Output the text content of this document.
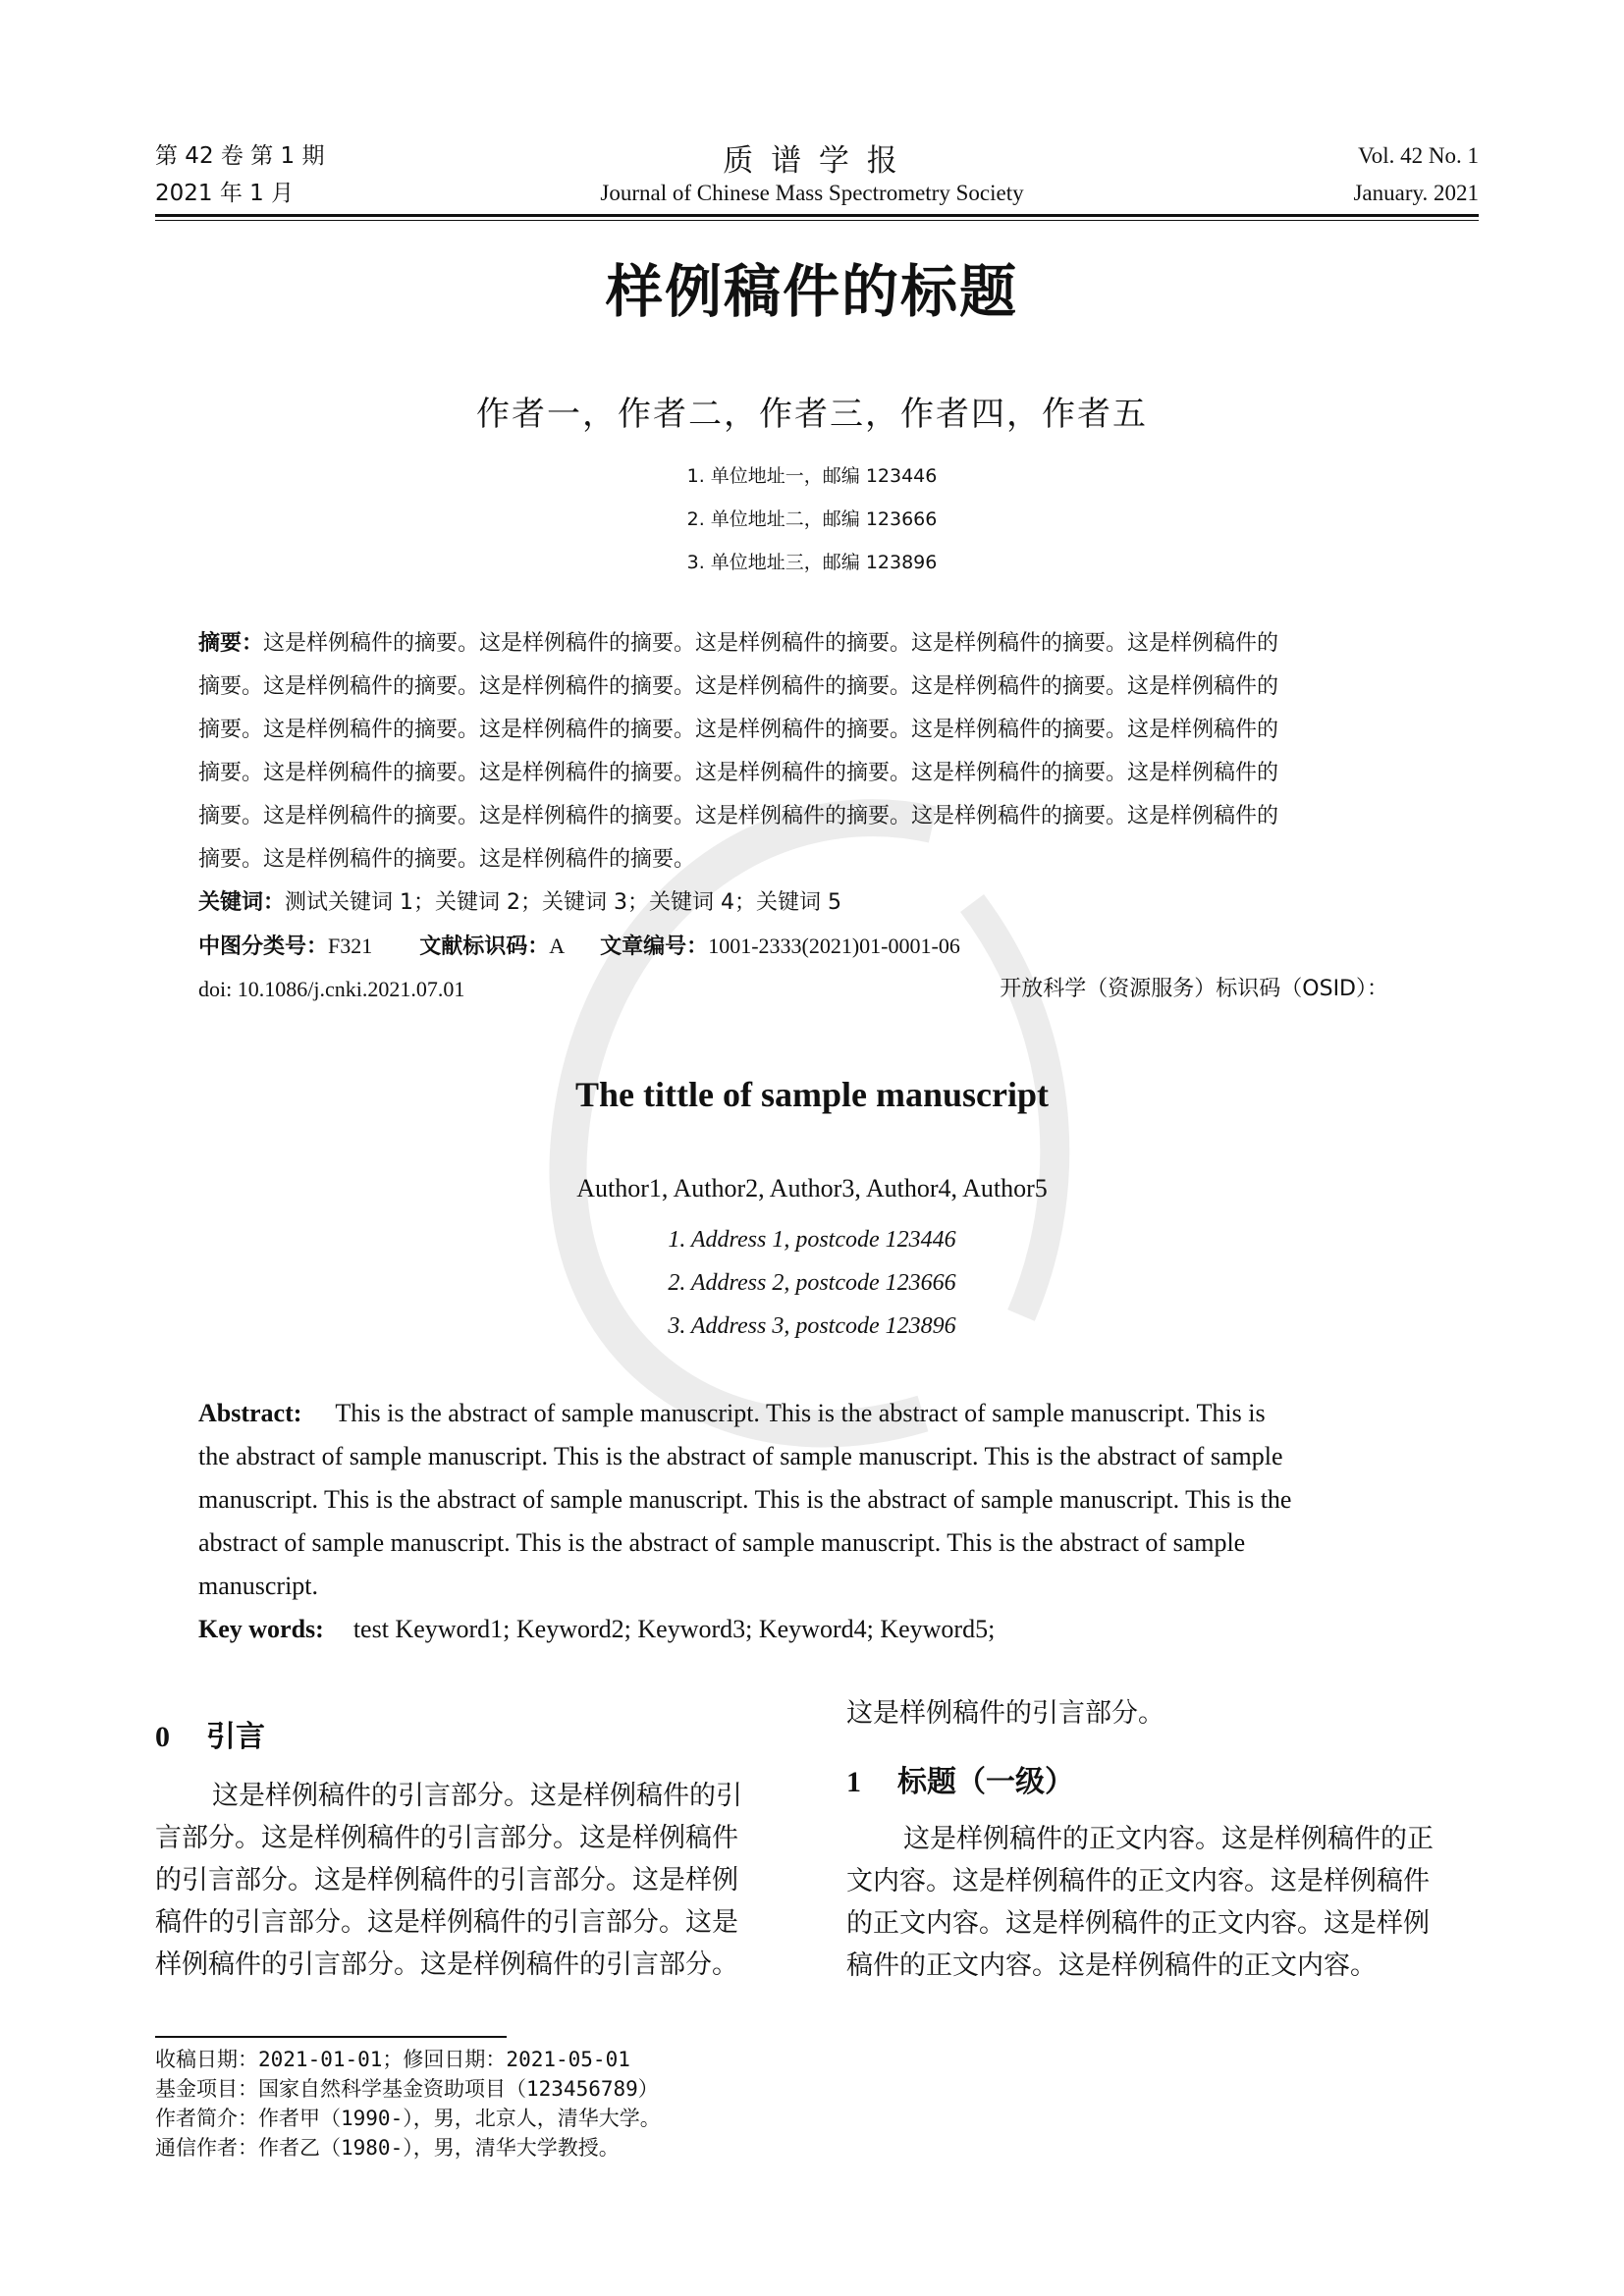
第 42 卷 第 1 期
2021 年 1 月
质 谱 学 报
Journal of Chinese Mass Spectrometry Society
Vol. 42 No. 1
January. 2021
样例稿件的标题
作者一，作者二，作者三，作者四，作者五
1. 单位地址一，邮编 123446
2. 单位地址二，邮编 123666
3. 单位地址三，邮编 123896
摘要：这是样例稿件的摘要。这是样例稿件的摘要。这是样例稿件的摘要。这是样例稿件的摘要。这是样例稿件的
摘要。这是样例稿件的摘要。这是样例稿件的摘要。这是样例稿件的摘要。这是样例稿件的摘要。这是样例稿件的
摘要。这是样例稿件的摘要。这是样例稿件的摘要。这是样例稿件的摘要。这是样例稿件的摘要。这是样例稿件的
摘要。这是样例稿件的摘要。这是样例稿件的摘要。这是样例稿件的摘要。这是样例稿件的摘要。这是样例稿件的
摘要。这是样例稿件的摘要。这是样例稿件的摘要。这是样例稿件的摘要。这是样例稿件的摘要。这是样例稿件的
摘要。这是样例稿件的摘要。这是样例稿件的摘要。
关键词：测试关键词 1；关键词 2；关键词 3；关键词 4；关键词 5
中图分类号：F321 文献标识码：A 文章编号：1001-2333(2021)01-0001-06
doi: 10.1086/j.cnki.2021.07.01	开放科学（资源服务）标识码（OSID）：
The tittle of sample manuscript
Author1, Author2, Author3, Author4, Author5
1. Address 1, postcode 123446
2. Address 2, postcode 123666
3. Address 3, postcode 123896
Abstract: This is the abstract of sample manuscript. This is the abstract of sample manuscript. This is
the abstract of sample manuscript. This is the abstract of sample manuscript. This is the abstract of sample
manuscript. This is the abstract of sample manuscript. This is the abstract of sample manuscript. This is the
abstract of sample manuscript. This is the abstract of sample manuscript. This is the abstract of sample
manuscript.
Key words: test Keyword1; Keyword2; Keyword3; Keyword4; Keyword5;
0 引言
这是样例稿件的引言部分。这是样例稿件的引
言部分。这是样例稿件的引言部分。这是样例稿件
的引言部分。这是样例稿件的引言部分。这是样例
稿件的引言部分。这是样例稿件的引言部分。这是
样例稿件的引言部分。这是样例稿件的引言部分。
这是样例稿件的引言部分。
1 标题（一级）
这是样例稿件的正文内容。这是样例稿件的正
文内容。这是样例稿件的正文内容。这是样例稿件
的正文内容。这是样例稿件的正文内容。这是样例
稿件的正文内容。这是样例稿件的正文内容。
收稿日期：2021-01-01；修回日期：2021-05-01
基金项目：国家自然科学基金资助项目（123456789）
作者简介：作者甲（1990-），男，北京人，清华大学。
通信作者：作者乙（1980-），男，清华大学教授。
